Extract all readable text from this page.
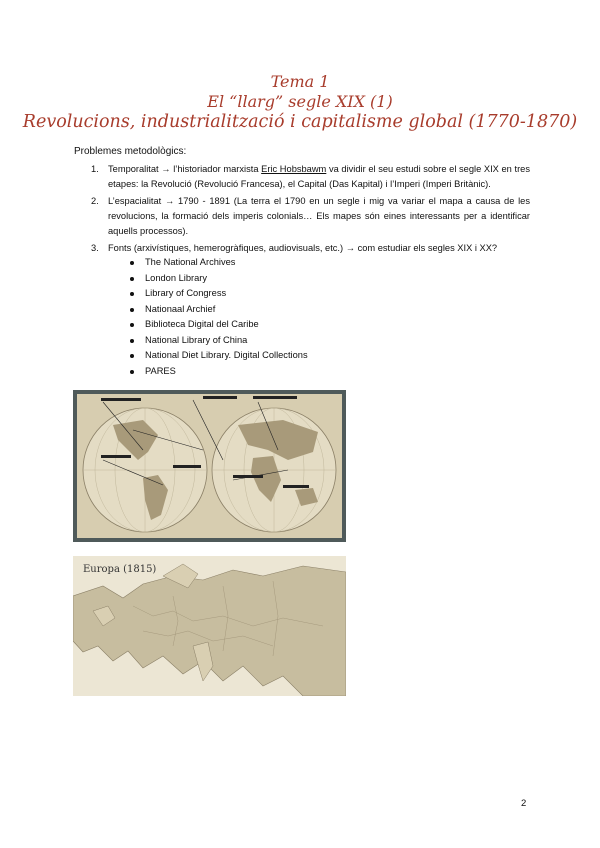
Tema 1

El “llarg” segle XIX (1)

Revolucions, industrialització i capitalisme global (1770-1870)

Problemes metodològics:
1. Temporalitat → l’historiador marxista Eric Hobsbawm va dividir el seu estudi sobre el segle XIX en tres etapes: la Revolució (Revolució Francesa), el Capital (Das Kapital) i l’Imperi (Imperi Britànic).
2. L’espacialitat → 1790 - 1891 (La terra el 1790 en un segle i mig va variar el mapa a causa de les revolucions, la formació dels imperis colonials… Els mapes són eines interessants per a identificar aquells processos).
3. Fonts (arxivístiques, hemerogràfiques, audiovisuals, etc.) → com estudiar els segles XIX i XX?
The National Archives
London Library
Library of Congress
Nationaal Archief
Biblioteca Digital del Caribe
National Library of China
National Diet Library. Digital Collections
PARES
Europa (1815)
2
